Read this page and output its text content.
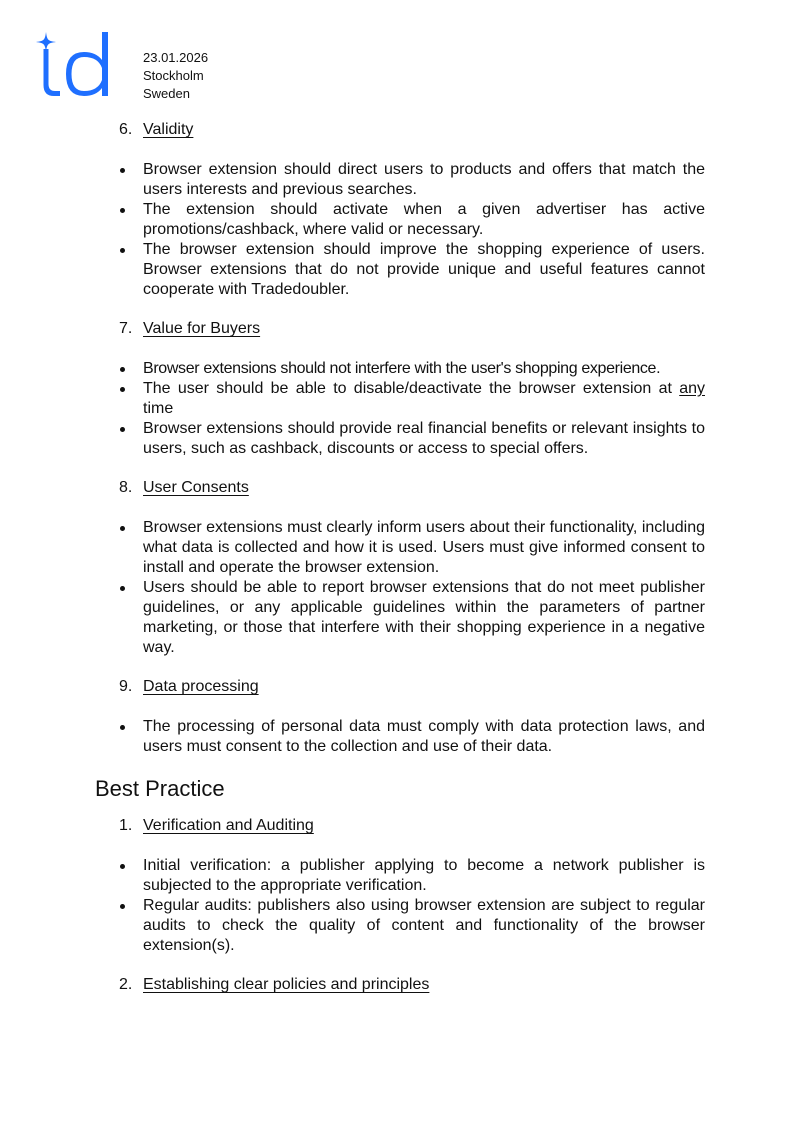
23.01.2026
Stockholm
Sweden
6. Validity
Browser extension should direct users to products and offers that match the users interests and previous searches.
The extension should activate when a given advertiser has active promotions/cashback, where valid or necessary.
The browser extension should improve the shopping experience of users. Browser extensions that do not provide unique and useful features cannot cooperate with Tradedoubler.
7. Value for Buyers
Browser extensions should not interfere with the user's shopping experience.
The user should be able to disable/deactivate the browser extension at any time
Browser extensions should provide real financial benefits or relevant insights to users, such as cashback, discounts or access to special offers.
8. User Consents
Browser extensions must clearly inform users about their functionality, including what data is collected and how it is used. Users must give informed consent to install and operate the browser extension.
Users should be able to report browser extensions that do not meet publisher guidelines, or any applicable guidelines within the parameters of partner marketing, or those that interfere with their shopping experience in a negative way.
9. Data processing
The processing of personal data must comply with data protection laws, and users must consent to the collection and use of their data.
Best Practice
1. Verification and Auditing
Initial verification: a publisher applying to become a network publisher is subjected to the appropriate verification.
Regular audits: publishers also using browser extension are subject to regular audits to check the quality of content and functionality of the browser extension(s).
2. Establishing clear policies and principles
